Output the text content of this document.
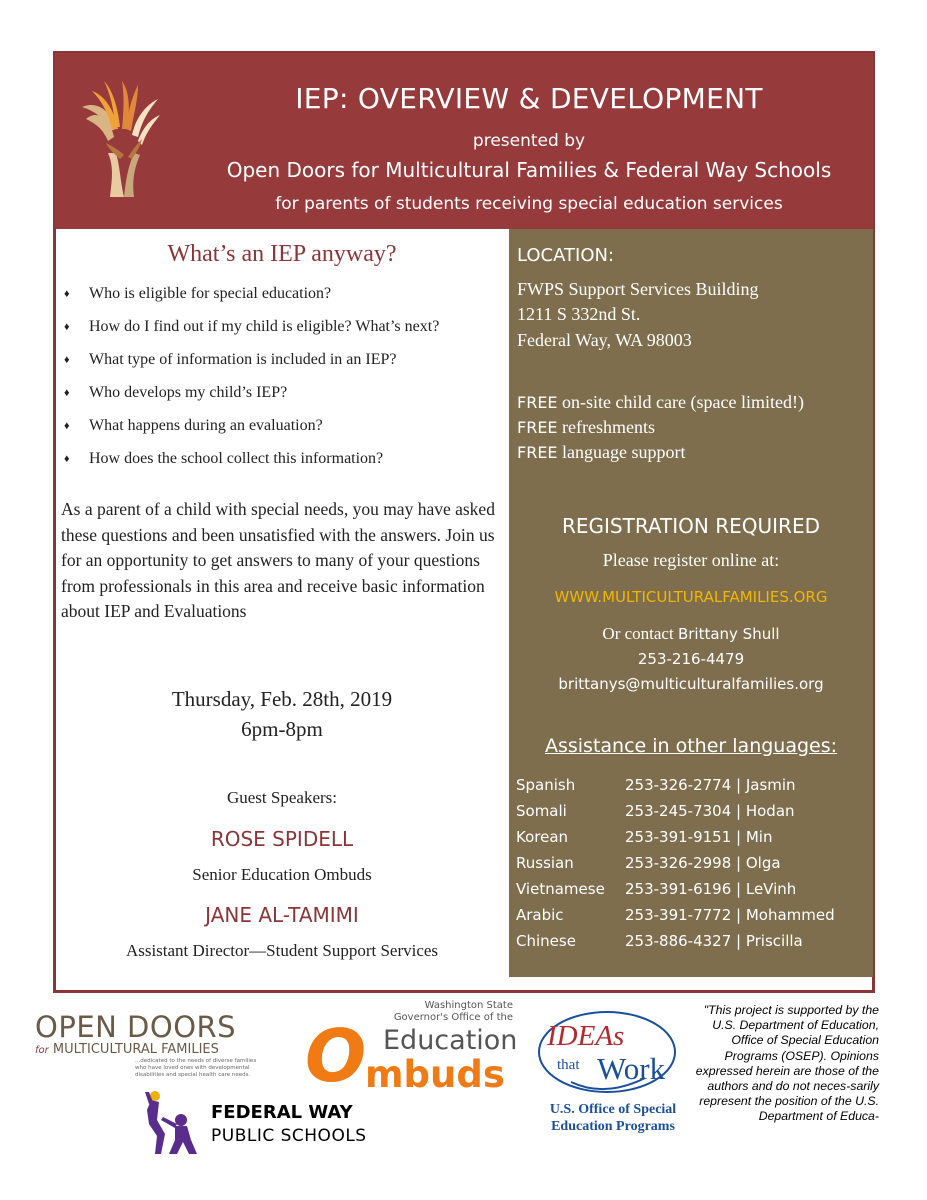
IEP: OVERVIEW & DEVELOPMENT
presented by
Open Doors for Multicultural Families & Federal Way Schools
for parents of students receiving special education services
What’s an IEP anyway?
♦ Who is eligible for special education?
♦ How do I find out if my child is eligible? What’s next?
♦ What type of information is included in an IEP?
♦ Who develops my child’s IEP?
♦ What happens during an evaluation?
♦ How does the school collect this information?
As a parent of a child with special needs, you may have asked these questions and been unsatisfied with the answers. Join us for an opportunity to get answers to many of your questions from professionals in this area and receive basic information about IEP and Evaluations
Thursday, Feb. 28th, 2019
6pm-8pm
Guest Speakers:
ROSE SPIDELL
Senior Education Ombuds
JANE AL-TAMIMI
Assistant Director—Student Support Services
LOCATION:
FWPS Support Services Building
1211 S 332nd St.
Federal Way, WA 98003
FREE on-site child care (space limited!)
FREE refreshments
FREE language support
REGISTRATION REQUIRED
Please register online at:
WWW.MULTICULTURALFAMILIES.ORG
Or contact Brittany Shull
253-216-4479
brittanys@multiculturalfamilies.org
Assistance in other languages:
Spanish	253-326-2774 | Jasmin
Somali	253-245-7304 | Hodan
Korean	253-391-9151 | Min
Russian	253-326-2998 | Olga
Vietnamese 253-391-6196 | LeVinh
Arabic	253-391-7772 | Mohammed
Chinese	253-886-4327 | Priscilla
OPEN DOORS
for MULTICULTURAL FAMILIES
...dedicated to the needs of diverse families who have loved ones with developmental disabilities and special health care needs.
FEDERAL WAY
PUBLIC SCHOOLS
Washington State
Governor's Office of the
Education
O
mbuds
IDEAs
that Work
U.S. Office of Special
Education Programs
"This project is supported by the U.S. Department of Education, Office of Special Education Programs (OSEP). Opinions expressed herein are those of the authors and do not neces-sarily represent the position of the U.S. Department of Educa-
